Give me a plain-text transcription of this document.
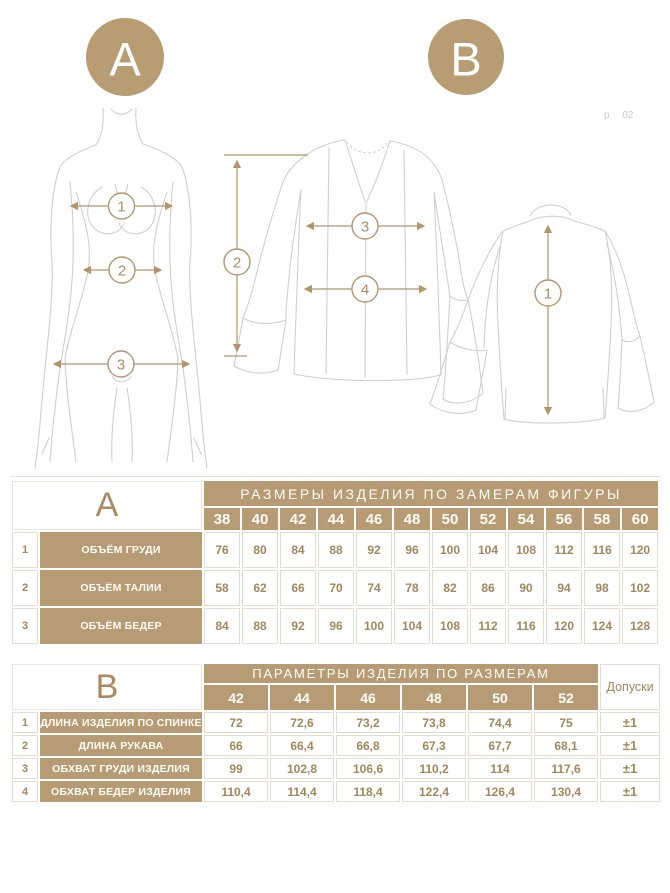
A	B
р 02
1
2
3
2
3
4	1
А		РАЗМЕРЫ ИЗДЕЛИЯ ПО ЗАМЕРАМ ФИГУРЫ											
		38	40	42	44	46	48	50	52	54	56	58	60
1	ОБЪЁМ ГРУДИ	76	80	84	88	92	96	100	104	108	112	116	120
2	ОБЪЁМ ТАЛИИ	58	62	66	70	74	78	82	86	90	94	98	102
3	ОБЪЁМ БЕДЕР	84	88	92	96	100	104	108	112	116	120	124	128
В		ПАРАМЕТРЫ ИЗДЕЛИЯ ПО РАЗМЕРАМ						Допуски
		42	44	46	48	50	52	
1	ДЛИНА ИЗДЕЛИЯ ПО СПИНКЕ	72	72,6	73,2	73,8	74,4	75	±1
2	ДЛИНА РУКАВА	66	66,4	66,8	67,3	67,7	68,1	±1
3	ОБХВАТ ГРУДИ ИЗДЕЛИЯ	99	102,8	106,6	110,2	114	117,6	±1
4	ОБХВАТ БЕДЕР ИЗДЕЛИЯ	110,4	114,4	118,4	122,4	126,4	130,4	±1
